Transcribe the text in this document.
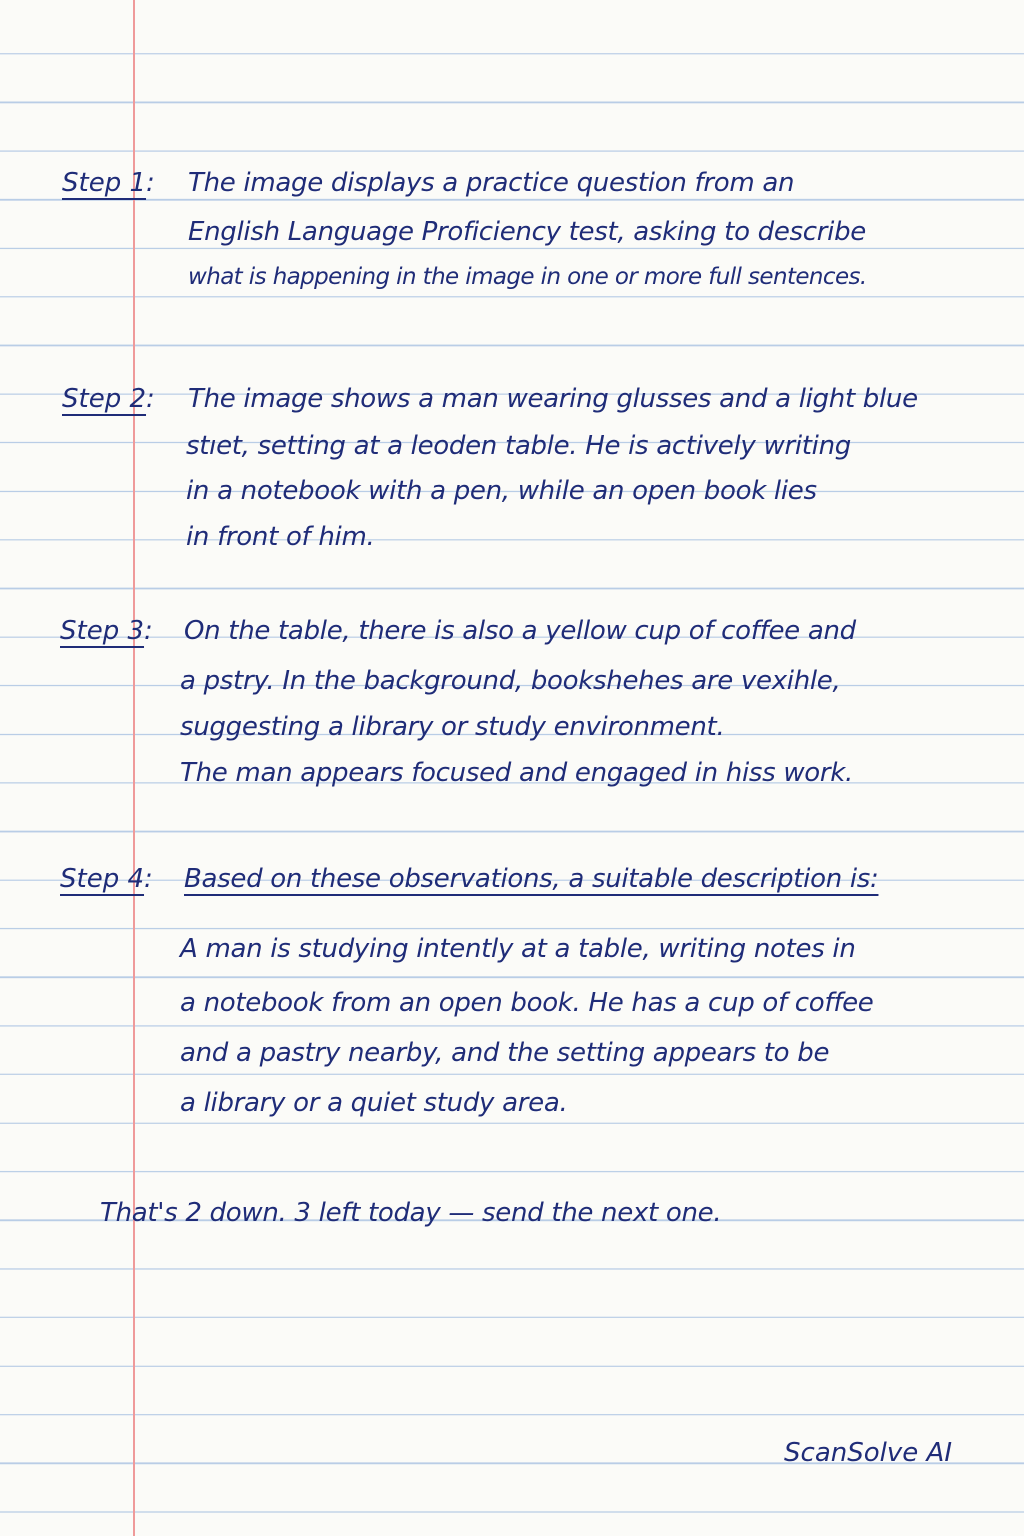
Step 1: The image displays a practice question from an
English Language Proficiency test, asking to describe
what is happening in the image in one or more full sentences.
Step 2: The image shows a man wearing glusses and a light blue
stıet, setting at a lеoden table. He is actively writing
in a notebook with a pen, while an open book lies
in front of him.
Step 3: On the table, there is also a yellow cup of coffee and
a pstry. In the background, bookshehes are vexihle,
suggesting a library or study environment.
The man appears focused and engaged in hiss work.
Step 4: Based on these observations, a suitable description is:
A man is studying intently at a table, writing notes in
a notebook from an open book. He has a cup of coffee
and a pastry nearby, and the setting appears to be
a library or a quiet study area.
That's 2 down. 3 left today — send the next one.
ScanSolve AI
